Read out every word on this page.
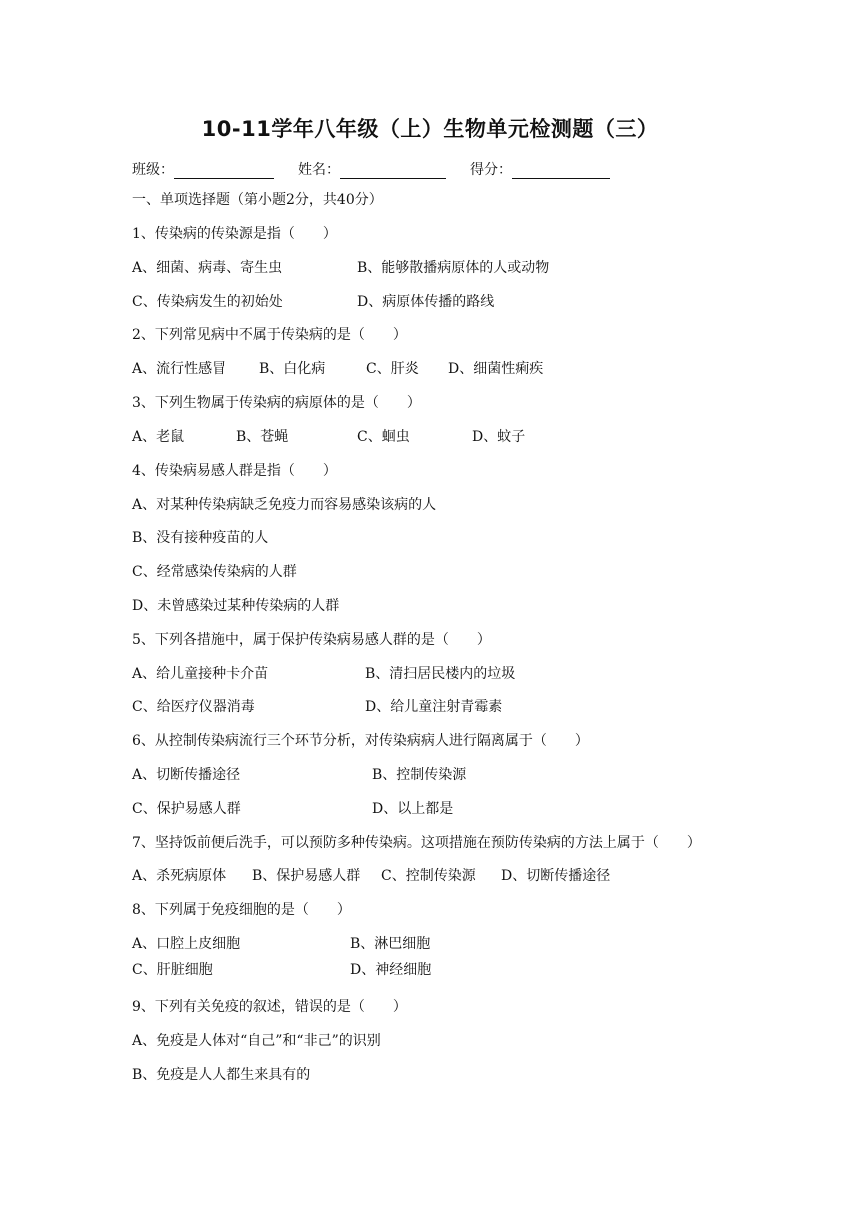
10-11学年八年级（上）生物单元检测题（三）
班级：	姓名：	得分：
一、单项选择题（第小题2分，共40分）
1、传染病的传染源是指（　　）
A、细菌、病毒、寄生虫	B、能够散播病原体的人或动物
C、传染病发生的初始处	D、病原体传播的路线
2、下列常见病中不属于传染病的是（　　）
A、流行性感冒 B、白化病	C、肝炎 D、细菌性痢疾
3、下列生物属于传染病的病原体的是（　　）
A、老鼠	B、苍蝇	C、蛔虫	D、蚊子
4、传染病易感人群是指（　　）
A、对某种传染病缺乏免疫力而容易感染该病的人
B、没有接种疫苗的人
C、经常感染传染病的人群
D、未曾感染过某种传染病的人群
5、下列各措施中，属于保护传染病易感人群的是（　　）
A、给儿童接种卡介苗	B、清扫居民楼内的垃圾
C、给医疗仪器消毒	D、给儿童注射青霉素
6、从控制传染病流行三个环节分析，对传染病病人进行隔离属于（　　）
A、切断传播途径	B、控制传染源
C、保护易感人群	D、以上都是
7、坚持饭前便后洗手，可以预防多种传染病。这项措施在预防传染病的方法上属于（　　）
A、杀死病原体 B、保护易感人群 C、控制传染源 D、切断传播途径
8、下列属于免疫细胞的是（　　）
A、口腔上皮细胞	B、淋巴细胞
C、肝脏细胞	D、神经细胞
9、下列有关免疫的叙述，错误的是（　　）
A、免疫是人体对“自己”和“非己”的识别
B、免疫是人人都生来具有的
